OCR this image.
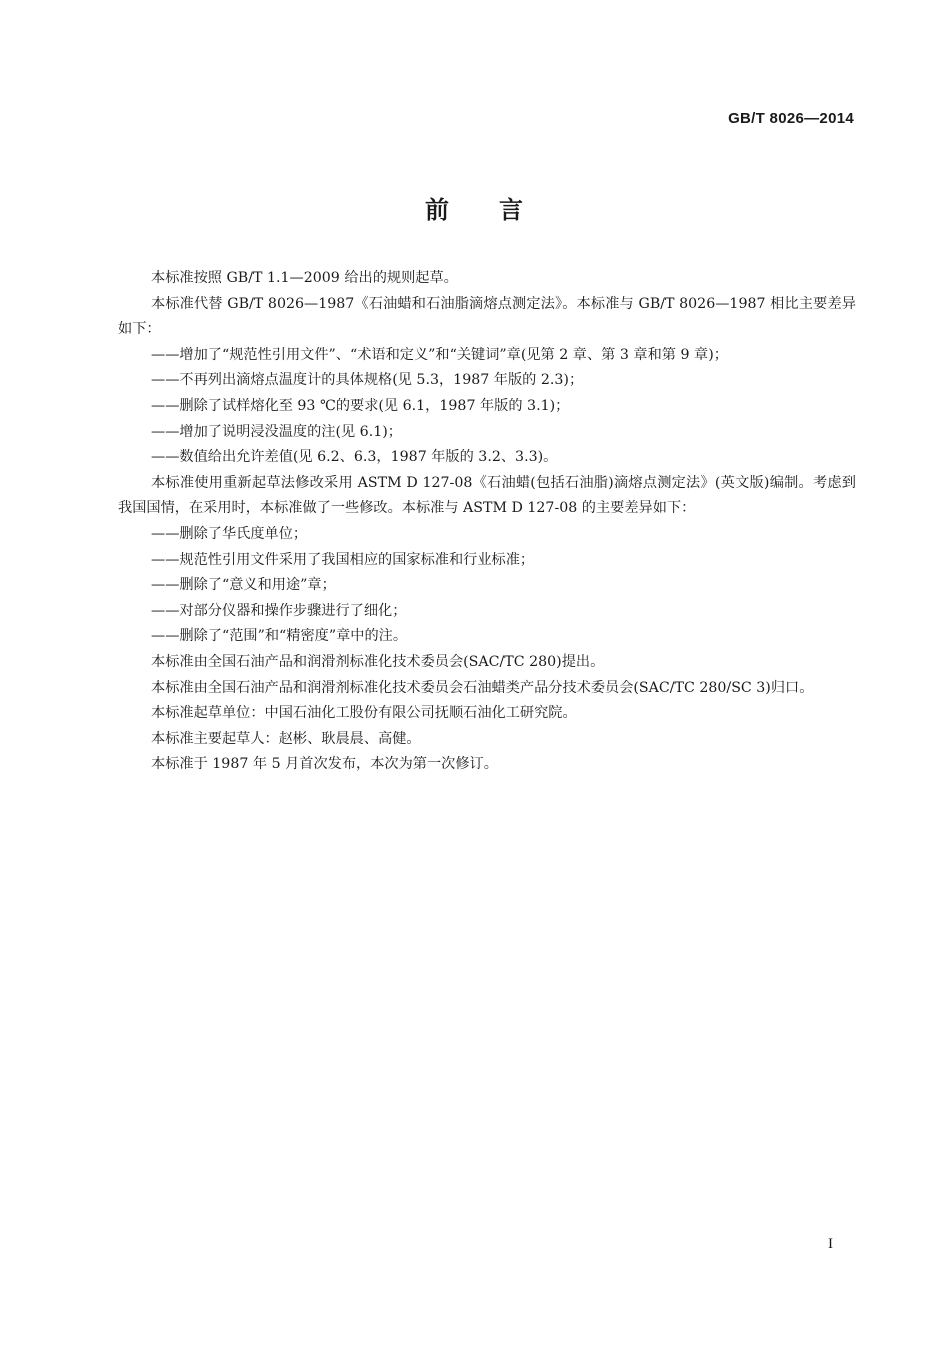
GB/T 8026—2014
前 言

本标准按照 GB/T 1.1—2009 给出的规则起草。

本标准代替 GB/T 8026—1987《石油蜡和石油脂滴熔点测定法》。本标准与 GB/T 8026—1987 相比主要差异如下：

——增加了“规范性引用文件”、“术语和定义”和“关键词”章(见第 2 章、第 3 章和第 9 章)；

——不再列出滴熔点温度计的具体规格(见 5.3，1987 年版的 2.3)；

——删除了试样熔化至 93 ℃的要求(见 6.1，1987 年版的 3.1)；

——增加了说明浸没温度的注(见 6.1)；

——数值给出允许差值(见 6.2、6.3，1987 年版的 3.2、3.3)。

本标准使用重新起草法修改采用 ASTM D 127-08《石油蜡(包括石油脂)滴熔点测定法》(英文版)编制。考虑到我国国情，在采用时，本标准做了一些修改。本标准与 ASTM D 127-08 的主要差异如下：

——删除了华氏度单位；

——规范性引用文件采用了我国相应的国家标准和行业标准；

——删除了“意义和用途”章；

——对部分仪器和操作步骤进行了细化；

——删除了“范围”和“精密度”章中的注。

本标准由全国石油产品和润滑剂标准化技术委员会(SAC/TC 280)提出。

本标准由全国石油产品和润滑剂标准化技术委员会石油蜡类产品分技术委员会(SAC/TC 280/SC 3)归口。

本标准起草单位：中国石油化工股份有限公司抚顺石油化工研究院。

本标准主要起草人：赵彬、耿晨晨、高健。

本标准于 1987 年 5 月首次发布，本次为第一次修订。

I
